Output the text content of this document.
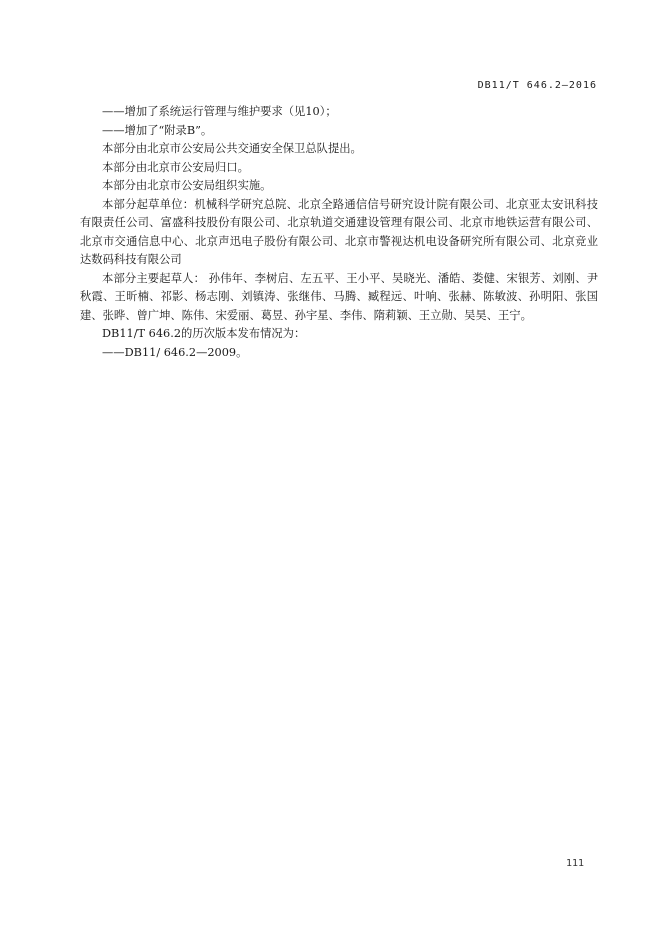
DB11/T 646.2—2016

——增加了系统运行管理与维护要求（见10）；

——增加了“附录B”。

本部分由北京市公安局公共交通安全保卫总队提出。

本部分由北京市公安局归口。

本部分由北京市公安局组织实施。

本部分起草单位：机械科学研究总院、北京全路通信信号研究设计院有限公司、北京亚太安讯科技有限责任公司、富盛科技股份有限公司、北京轨道交通建设管理有限公司、北京市地铁运营有限公司、北京市交通信息中心、北京声迅电子股份有限公司、北京市警视达机电设备研究所有限公司、北京竞业达数码科技有限公司

本部分主要起草人： 孙伟年、李树启、左五平、王小平、吴晓光、潘皓、娄健、宋银芳、刘刚、尹秋霞、王昕楠、祁影、杨志刚、刘镇涛、张继伟、马腾、臧程远、叶响、张赫、陈敏波、孙明阳、张国建、张晔、曾广坤、陈伟、宋爱丽、葛昱、孙宇星、李伟、隋莉颖、王立勋、吴昊、王宁。

DB11/T 646.2的历次版本发布情况为：

——DB11/ 646.2—2009。

111
